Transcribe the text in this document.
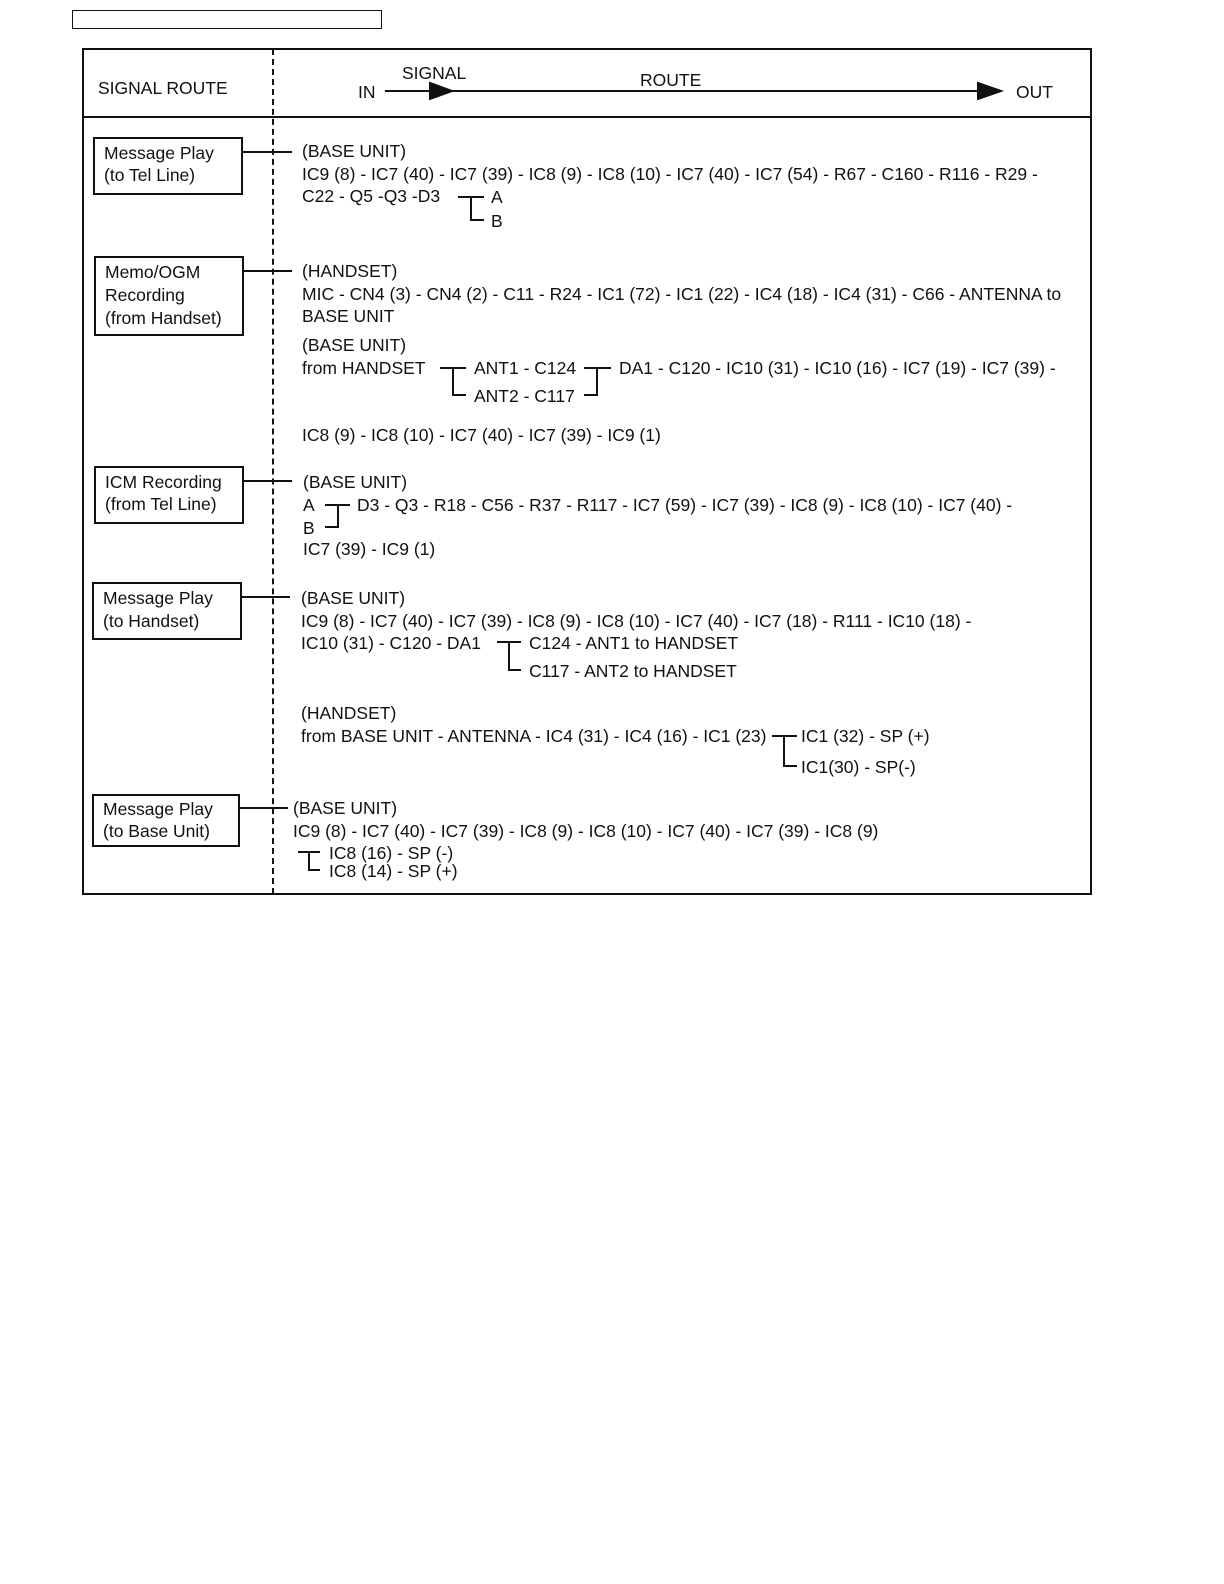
SIGNAL ROUTE	IN

SIGNAL	ROUTE

OUT

Message Play
(to Tel Line)

(BASE UNIT)

IC9 (8) - IC7 (40) - IC7 (39) - IC8 (9) - IC8 (10) - IC7 (40) - IC7 (54) - R67 - C160 - R116 - R29 -

C22 - Q5 -Q3 -D3	A

B

Memo/OGM
Recording
(from Handset)

(HANDSET)

MIC - CN4 (3) - CN4 (2) - C11 - R24 - IC1 (72) - IC1 (22) - IC4 (18) - IC4 (31) - C66 - ANTENNA to

BASE UNIT

(BASE UNIT)

from HANDSET	ANT1 - C124

ANT2 - C117

DA1 - C120 - IC10 (31) - IC10 (16) - IC7 (19) - IC7 (39) -

IC8 (9) - IC8 (10) - IC7 (40) - IC7 (39) - IC9 (1)

ICM Recording
(from Tel Line)

(BASE UNIT)

A

B

D3 - Q3 - R18 - C56 - R37 - R117 - IC7 (59) - IC7 (39) - IC8 (9) - IC8 (10) - IC7 (40) -

IC7 (39) - IC9 (1)

Message Play
(to Handset)

(BASE UNIT)

IC9 (8) - IC7 (40) - IC7 (39) - IC8 (9) - IC8 (10) - IC7 (40) - IC7 (18) - R111 - IC10 (18) -

IC10 (31) - C120 - DA1	C124 - ANT1 to HANDSET

C117 - ANT2 to HANDSET

(HANDSET)

from BASE UNIT - ANTENNA - IC4 (31) - IC4 (16) - IC1 (23) IC1 (32) - SP (+)

IC1(30) - SP(-)

Message Play
(to Base Unit)

(BASE UNIT)

IC9 (8) - IC7 (40) - IC7 (39) - IC8 (9) - IC8 (10) - IC7 (40) - IC7 (39) - IC8 (9)

IC8 (16) - SP (-)

IC8 (14) - SP (+)
